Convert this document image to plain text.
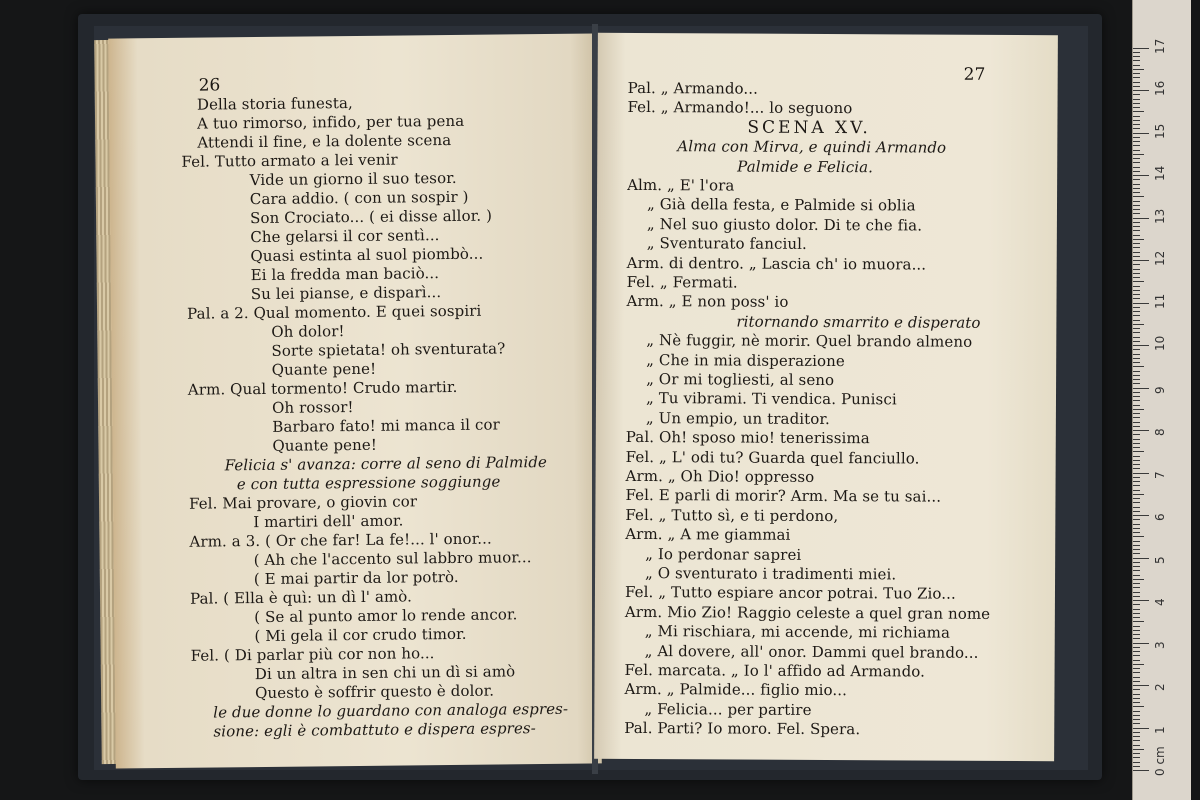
26
Della storia funesta,
A tuo rimorso, infido, per tua pena
Attendi il fine, e la dolente scena
Fel. Tutto armato a lei venir
Vide un giorno il suo tesor.
Cara addio. ( con un sospir )
Son Crociato... ( ei disse allor. )
Che gelarsi il cor sentì...
Quasi estinta al suol piombò...
Ei la fredda man baciò...
Su lei pianse, e disparì...
Pal. a 2. Qual momento. E quei sospiri
Oh dolor!
Sorte spietata! oh sventurata?
Quante pene!
Arm. Qual tormento! Crudo martir.
Oh rossor!
Barbaro fato! mi manca il cor
Quante pene!
Felicia s' avanza: corre al seno di Palmide
e con tutta espressione soggiunge
Fel. Mai provare, o giovin cor
I martiri dell' amor.
Arm. a 3. ( Or che far! La fe!... l' onor...
( Ah che l'accento sul labbro muor...
( E mai partir da lor potrò.
Pal. ( Ella è quì: un dì l' amò.
( Se al punto amor lo rende ancor.
( Mi gela il cor crudo timor.
Fel. ( Di parlar più cor non ho...
Di un altra in sen chi un dì si amò
Questo è soffrir questo è dolor.
le due donne lo guardano con analoga espres-
sione: egli è combattuto e dispera espres-
27
Pal. „ Armando...
Fel. „ Armando!... lo seguono
SCENA XV.
Alma con Mirva, e quindi Armando
Palmide e Felicia.
Alm. „ E' l'ora
„ Già della festa, e Palmide si oblia
„ Nel suo giusto dolor. Di te che fia.
„ Sventurato fanciul.
Arm. di dentro. „ Lascia ch' io muora...
Fel. „ Fermati.
Arm. „ E non poss' io
ritornando smarrito e disperato
„ Nè fuggir, nè morir. Quel brando almeno
„ Che in mia disperazione
„ Or mi togliesti, al seno
„ Tu vibrami. Ti vendica. Punisci
„ Un empio, un traditor.
Pal. Oh! sposo mio! tenerissima
Fel. „ L' odi tu? Guarda quel fanciullo.
Arm. „ Oh Dio! oppresso
Fel. E parli di morir? Arm. Ma se tu sai...
Fel. „ Tutto sì, e ti perdono,
Arm. „ A me giammai
„ Io perdonar saprei
„ O sventurato i tradimenti miei.
Fel. „ Tutto espiare ancor potrai. Tuo Zio...
Arm. Mio Zio! Raggio celeste a quel gran nome
„ Mi rischiara, mi accende, mi richiama
„ Al dovere, all' onor. Dammi quel brando...
Fel. marcata. „ Io l' affido ad Armando.
Arm. „ Palmide... figlio mio...
„ Felicia... per partire
Pal. Parti? Io moro. Fel. Spera.
0 cm
1
2
3
4
5
6
7
8
9
10
11
12
13
14
15
16
17
